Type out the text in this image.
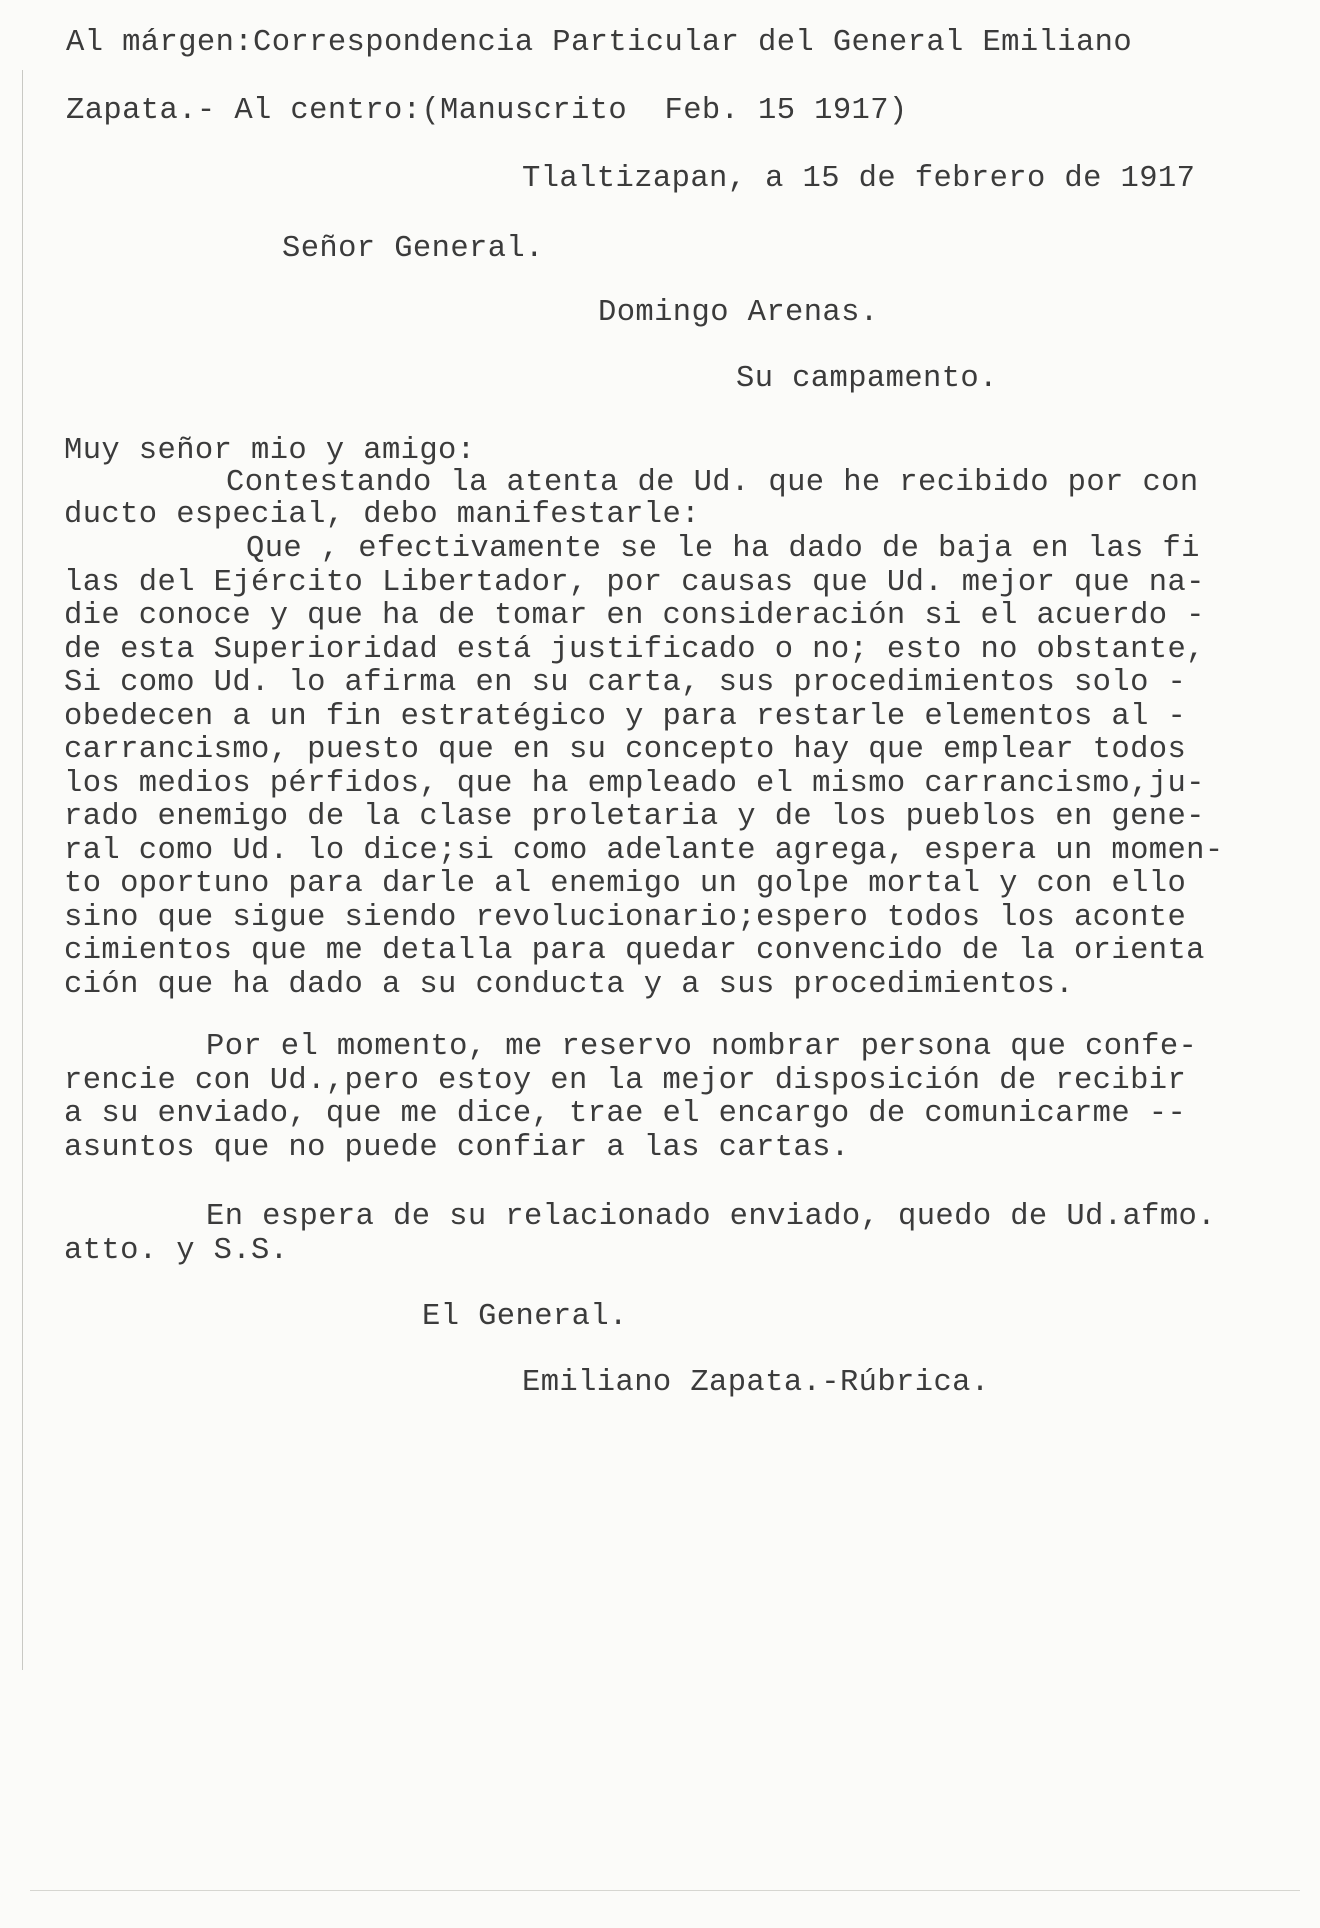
Al márgen:Correspondencia Particular del General Emiliano
Zapata.- Al centro:(Manuscrito  Feb. 15 1917)
Tlaltizapan, a 15 de febrero de 1917
Señor General.
Domingo Arenas.
Su campamento.
Muy señor mio y amigo:
Contestando la atenta de Ud. que he recibido por con
ducto especial, debo manifestarle:
Que , efectivamente se le ha dado de baja en las fi
las del Ejército Libertador, por causas que Ud. mejor que na-
die conoce y que ha de tomar en consideración si el acuerdo -
de esta Superioridad está justificado o no; esto no obstante,
Si como Ud. lo afirma en su carta, sus procedimientos solo -
obedecen a un fin estratégico y para restarle elementos al -
carrancismo, puesto que en su concepto hay que emplear todos
los medios pérfidos, que ha empleado el mismo carrancismo,ju-
rado enemigo de la clase proletaria y de los pueblos en gene-
ral como Ud. lo dice;si como adelante agrega, espera un momen-
to oportuno para darle al enemigo un golpe mortal y con ello
sino que sigue siendo revolucionario;espero todos los aconte
cimientos que me detalla para quedar convencido de la orienta
ción que ha dado a su conducta y a sus procedimientos.
Por el momento, me reservo nombrar persona que confe-
rencie con Ud.,pero estoy en la mejor disposición de recibir
a su enviado, que me dice, trae el encargo de comunicarme --
asuntos que no puede confiar a las cartas.
En espera de su relacionado enviado, quedo de Ud.afmo.
atto. y S.S.
El General.
Emiliano Zapata.-Rúbrica.
